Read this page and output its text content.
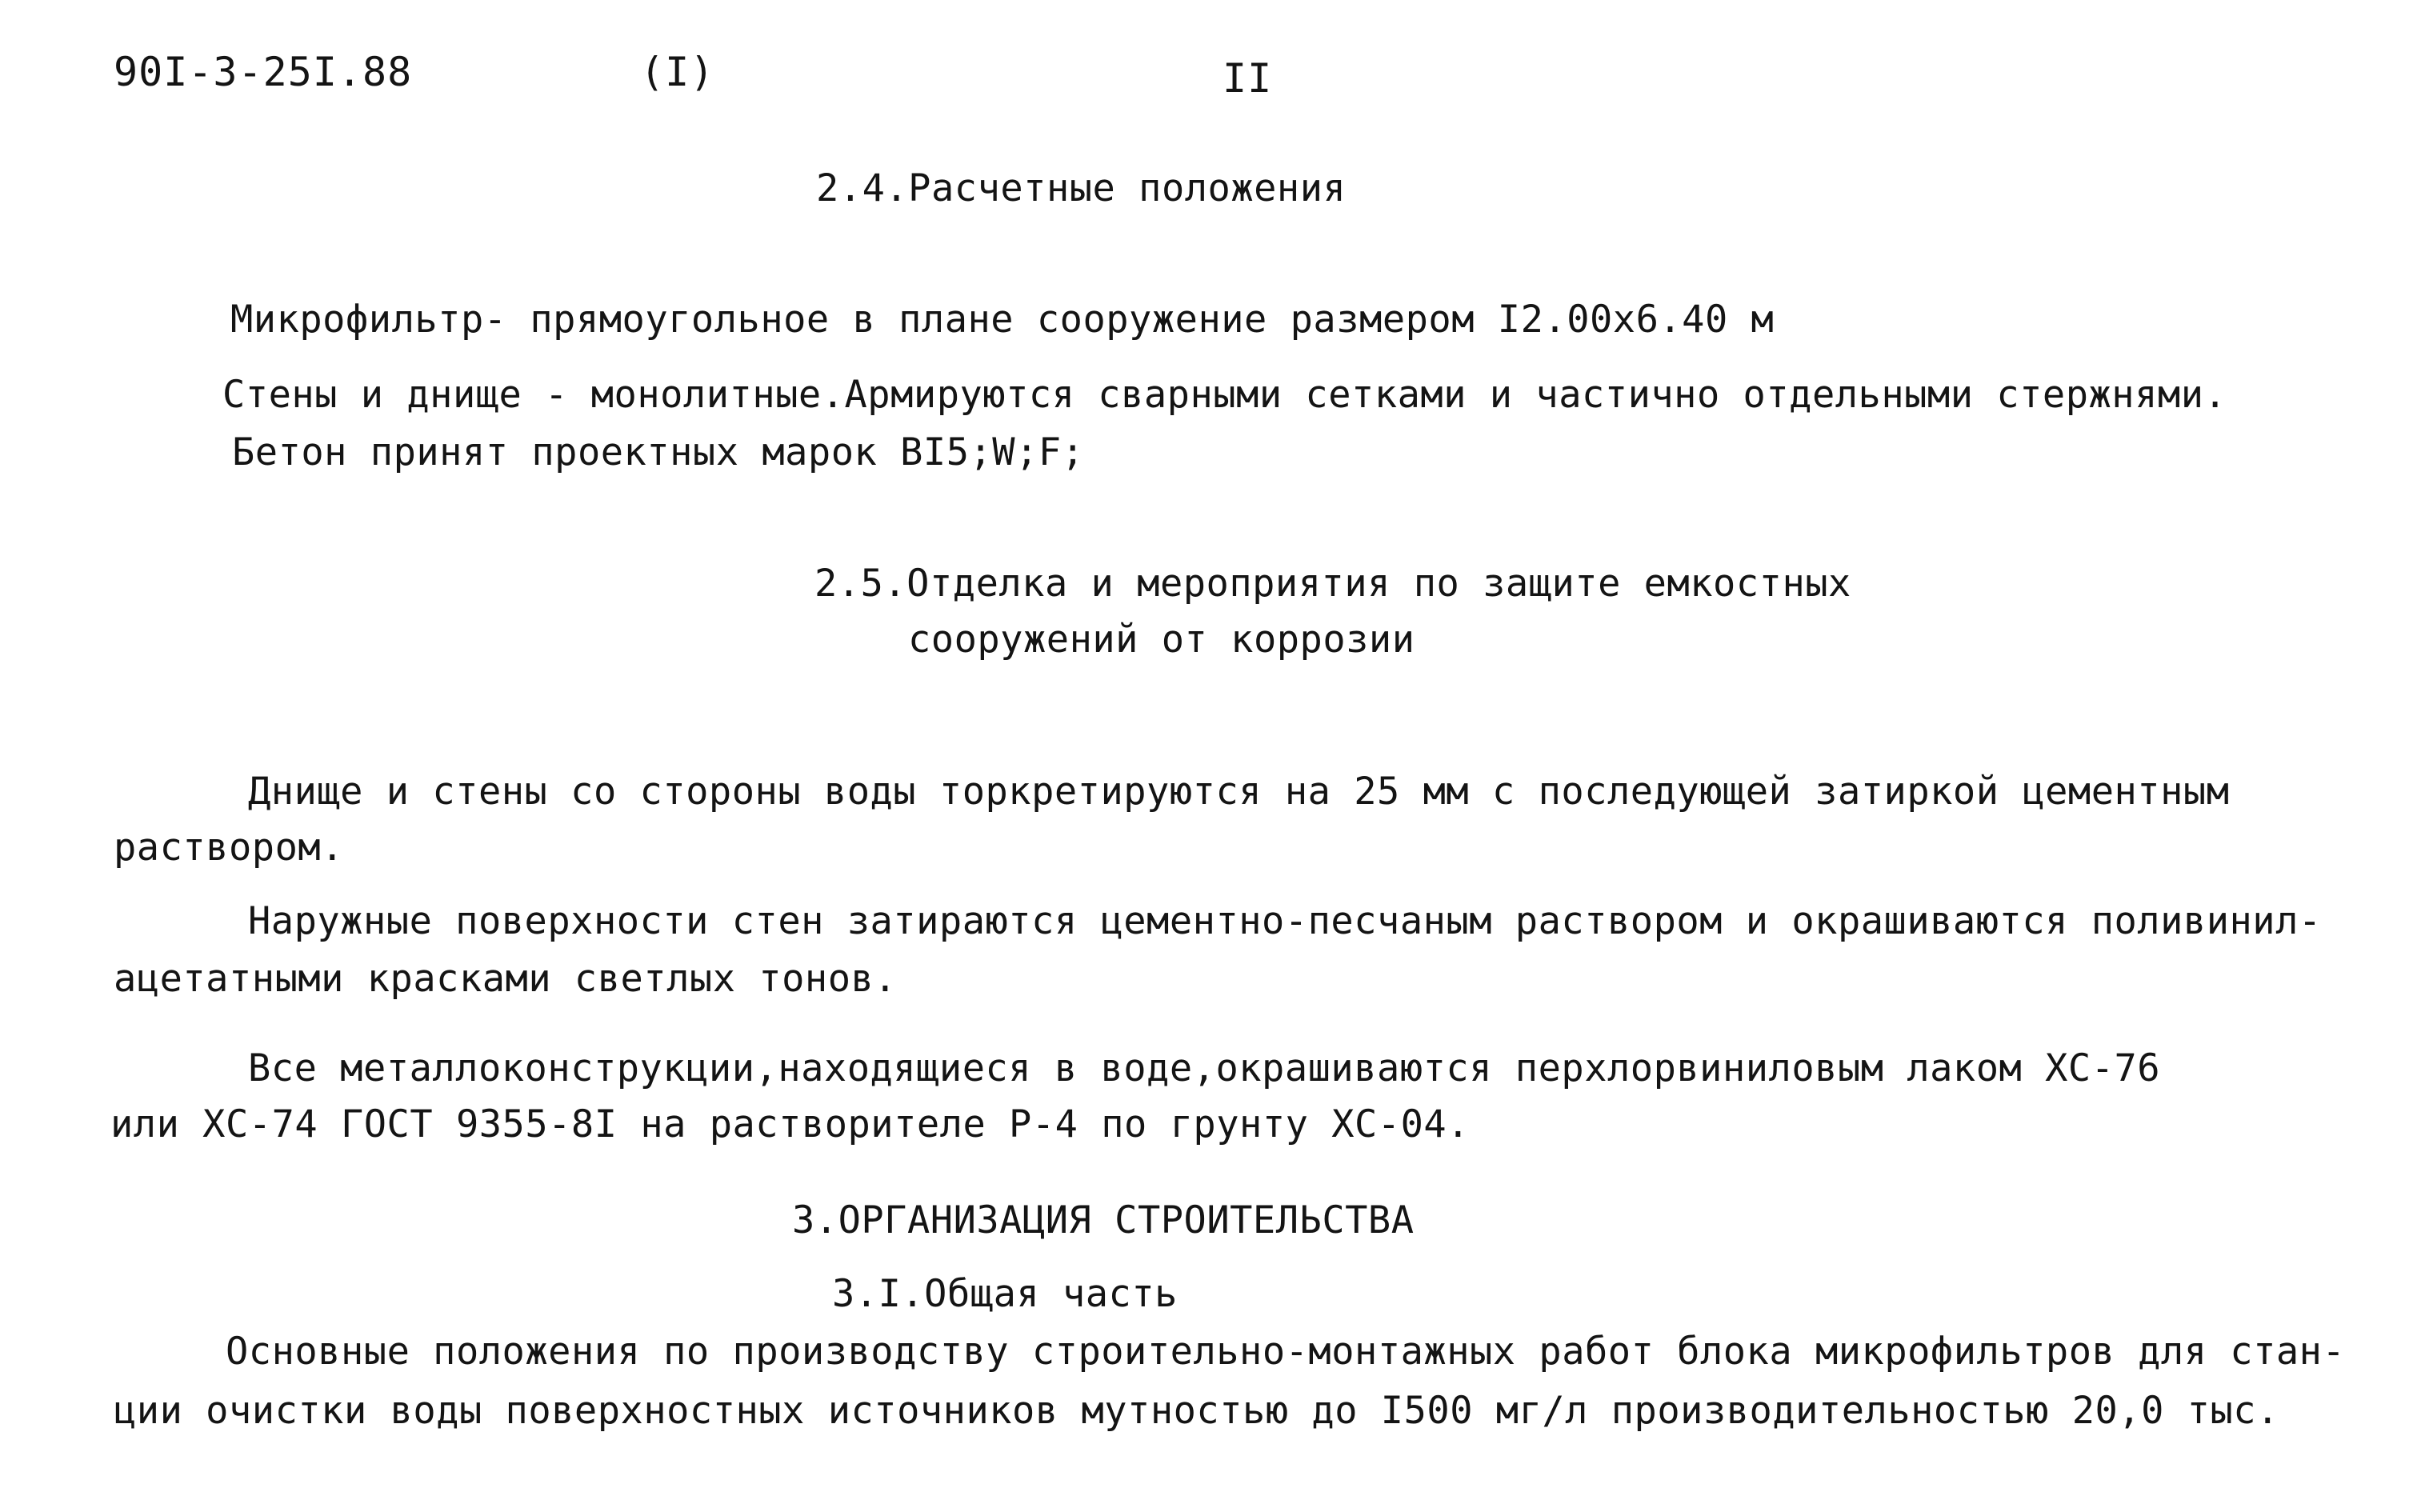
90I-3-25I.88	(I)	II
2.4.Расчетные положения
Микрофильтр- прямоугольное в плане сооружение размером I2.00x6.40 м
Стены и днище - монолитные.Армируются сварными сетками и частично отдельными стержнями.
Бетон принят проектных марок BI5;W;F;
2.5.Отделка и мероприятия по защите емкостных
сооружений от коррозии
Днище и стены со стороны воды торкретируются на 25 мм с последующей затиркой цементным
раствором.
Наружные поверхности стен затираются цементно-песчаным раствором и окрашиваются поливинил-
ацетатными красками светлых тонов.
Все металлоконструкции,находящиеся в воде,окрашиваются перхлорвиниловым лаком ХС-76
или ХС-74 ГОСТ 9355-8I на растворителе Р-4 по грунту ХС-04.
3.ОРГАНИЗАЦИЯ СТРОИТЕЛЬСТВА
3.I.Общая часть
Основные положения по производству строительно-монтажных работ блока микрофильтров для стан-
ции очистки воды поверхностных источников мутностью до I500 мг/л производительностью 20,0 тыс.
